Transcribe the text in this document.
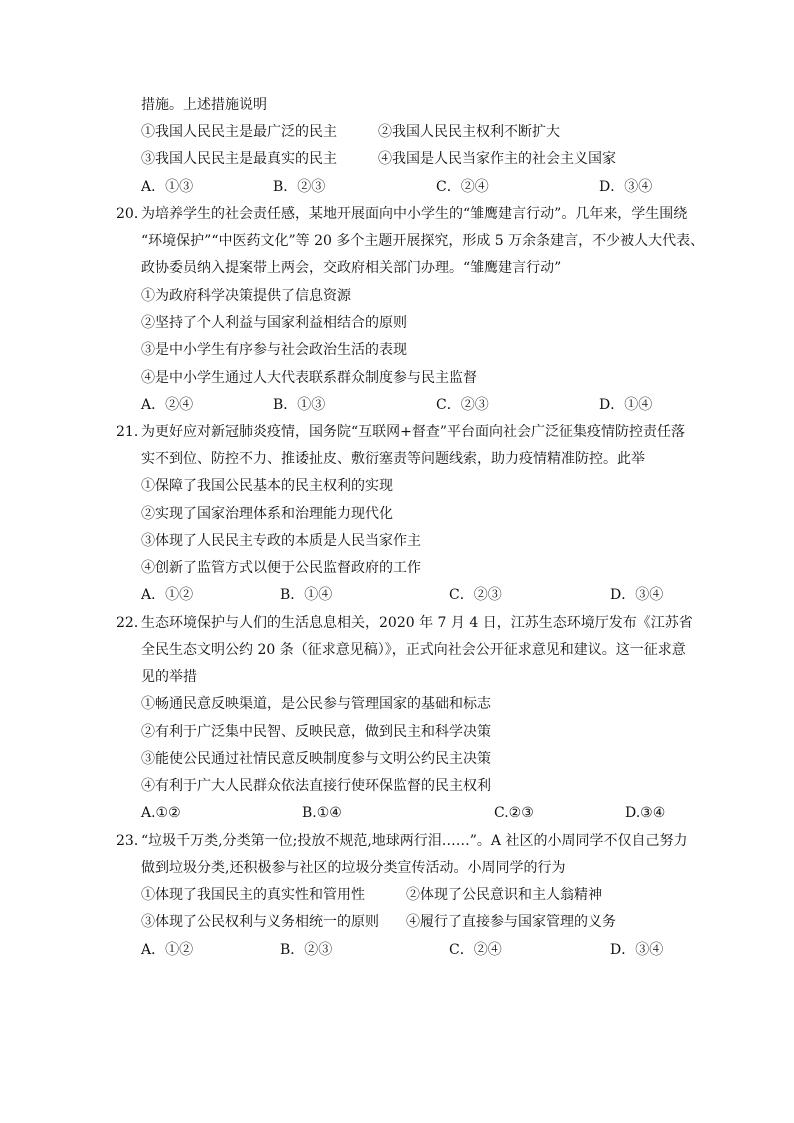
措施。上述措施说明
①我国人民民主是最广泛的民主	②我国人民民主权利不断扩大
③我国人民民主是最真实的民主	④我国是人民当家作主的社会主义国家
A．①③	B．②③	C．②④	D．③④
20．
为培养学生的社会责任感，某地开展面向中小学生的“雏鹰建言行动”。几年来，学生围绕
“环境保护”“中医药文化”等 20 多个主题开展探究，形成 5 万余条建言，不少被人大代表、
政协委员纳入提案带上两会，交政府相关部门办理。“雏鹰建言行动”
①为政府科学决策提供了信息资源
②坚持了个人利益与国家利益相结合的原则
③是中小学生有序参与社会政治生活的表现
④是中小学生通过人大代表联系群众制度参与民主监督
A．②④	B．①③	C．②③	D．①④
21．
为更好应对新冠肺炎疫情，国务院“互联网+督查”平台面向社会广泛征集疫情防控责任落
实不到位、防控不力、推诿扯皮、敷衍塞责等问题线索，助力疫情精准防控。此举
①保障了我国公民基本的民主权利的实现
②实现了国家治理体系和治理能力现代化
③体现了人民民主专政的本质是人民当家作主
④创新了监管方式以便于公民监督政府的工作
A．①②	B．①④	C．②③	D．③④
22．
生态环境保护与人们的生活息息相关，2020 年 7 月 4 日，江苏生态环境厅发布《江苏省
全民生态文明公约 20 条（征求意见稿）》，正式向社会公开征求意见和建议。这一征求意
见的举措
①畅通民意反映渠道，是公民参与管理国家的基础和标志
②有利于广泛集中民智、反映民意，做到民主和科学决策
③能使公民通过社情民意反映制度参与文明公约民主决策
④有利于广大人民群众依法直接行使环保监督的民主权利
A.①②	B.①④	C.②③	D.③④
23．
“垃圾千万类,分类第一位;投放不规范,地球两行泪……”。A 社区的小周同学不仅自己努力
做到垃圾分类,还积极参与社区的垃圾分类宣传活动。小周同学的行为
①体现了我国民主的真实性和管用性	②体现了公民意识和主人翁精神
③体现了公民权利与义务相统一的原则 ④履行了直接参与国家管理的义务
A．①②	B．②③	C．②④	D．③④
